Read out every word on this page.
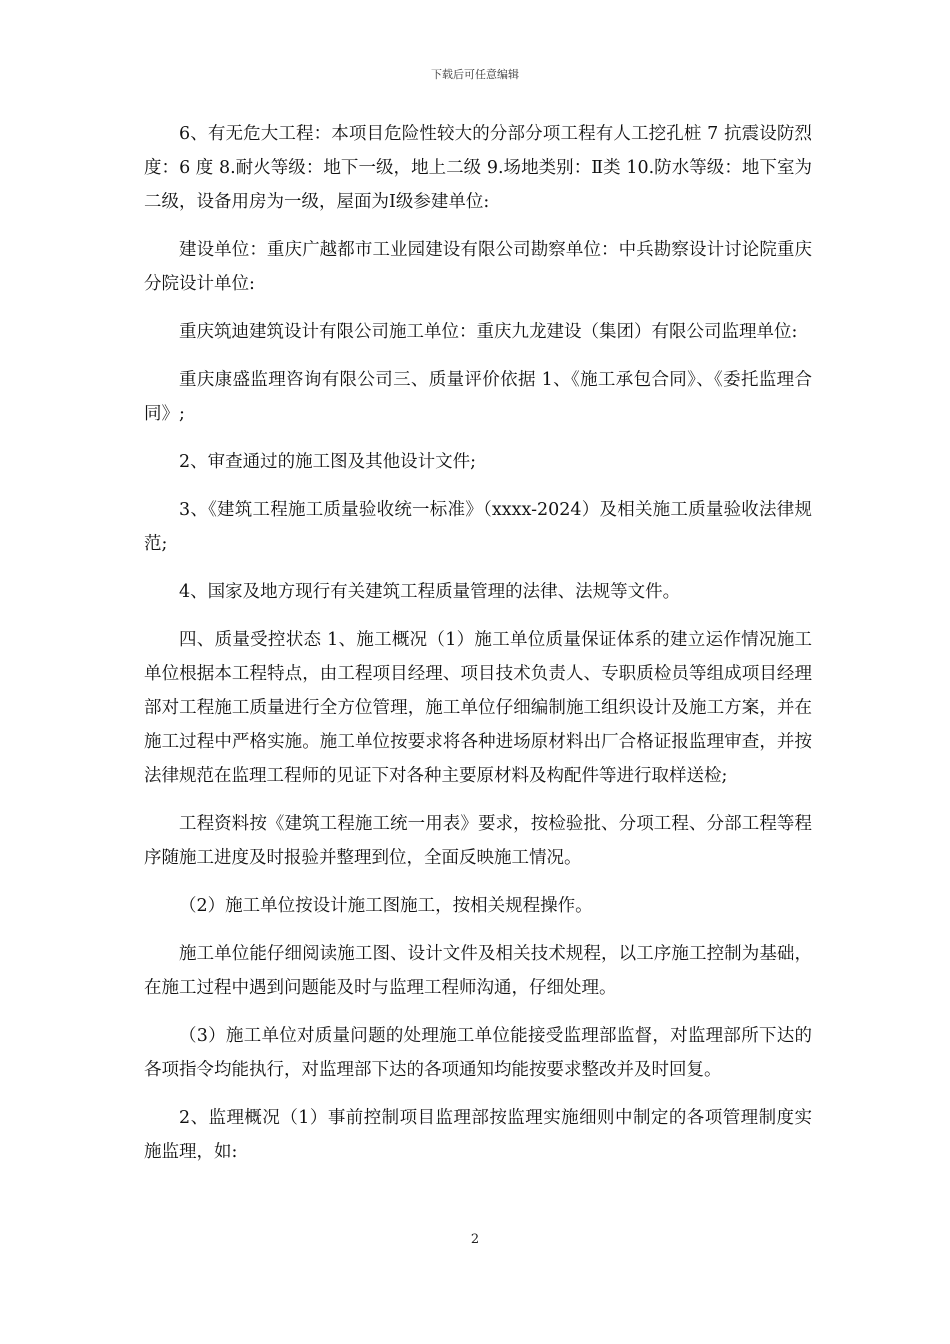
下载后可任意编辑

6、有无危大工程：本项目危险性较大的分部分项工程有人工挖孔桩 7 抗震设防烈度：6 度 8.耐火等级：地下一级，地上二级 9.场地类别：Ⅱ类 10.防水等级：地下室为二级，设备用房为一级，屋面为Ⅰ级参建单位:

建设单位：重庆广越都市工业园建设有限公司勘察单位：中兵勘察设计讨论院重庆分院设计单位:

重庆筑迪建筑设计有限公司施工单位：重庆九龙建设（集团）有限公司监理单位:

重庆康盛监理咨询有限公司三、质量评价依据 1、《施工承包合同》、《委托监理合同》;

2、审查通过的施工图及其他设计文件;

3、《建筑工程施工质量验收统一标准》（xxxx-2024）及相关施工质量验收法律规范;

4、国家及地方现行有关建筑工程质量管理的法律、法规等文件。

四、质量受控状态 1、施工概况（1）施工单位质量保证体系的建立运作情况施工单位根据本工程特点，由工程项目经理、项目技术负责人、专职质检员等组成项目经理部对工程施工质量进行全方位管理，施工单位仔细编制施工组织设计及施工方案，并在施工过程中严格实施。施工单位按要求将各种进场原材料出厂合格证报监理审查，并按法律规范在监理工程师的见证下对各种主要原材料及构配件等进行取样送检;

工程资料按《建筑工程施工统一用表》要求，按检验批、分项工程、分部工程等程序随施工进度及时报验并整理到位，全面反映施工情况。

（2）施工单位按设计施工图施工，按相关规程操作。

施工单位能仔细阅读施工图、设计文件及相关技术规程，以工序施工控制为基础，在施工过程中遇到问题能及时与监理工程师沟通，仔细处理。

（3）施工单位对质量问题的处理施工单位能接受监理部监督，对监理部所下达的各项指令均能执行，对监理部下达的各项通知均能按要求整改并及时回复。

2、监理概况（1）事前控制项目监理部按监理实施细则中制定的各项管理制度实施监理，如:

2
